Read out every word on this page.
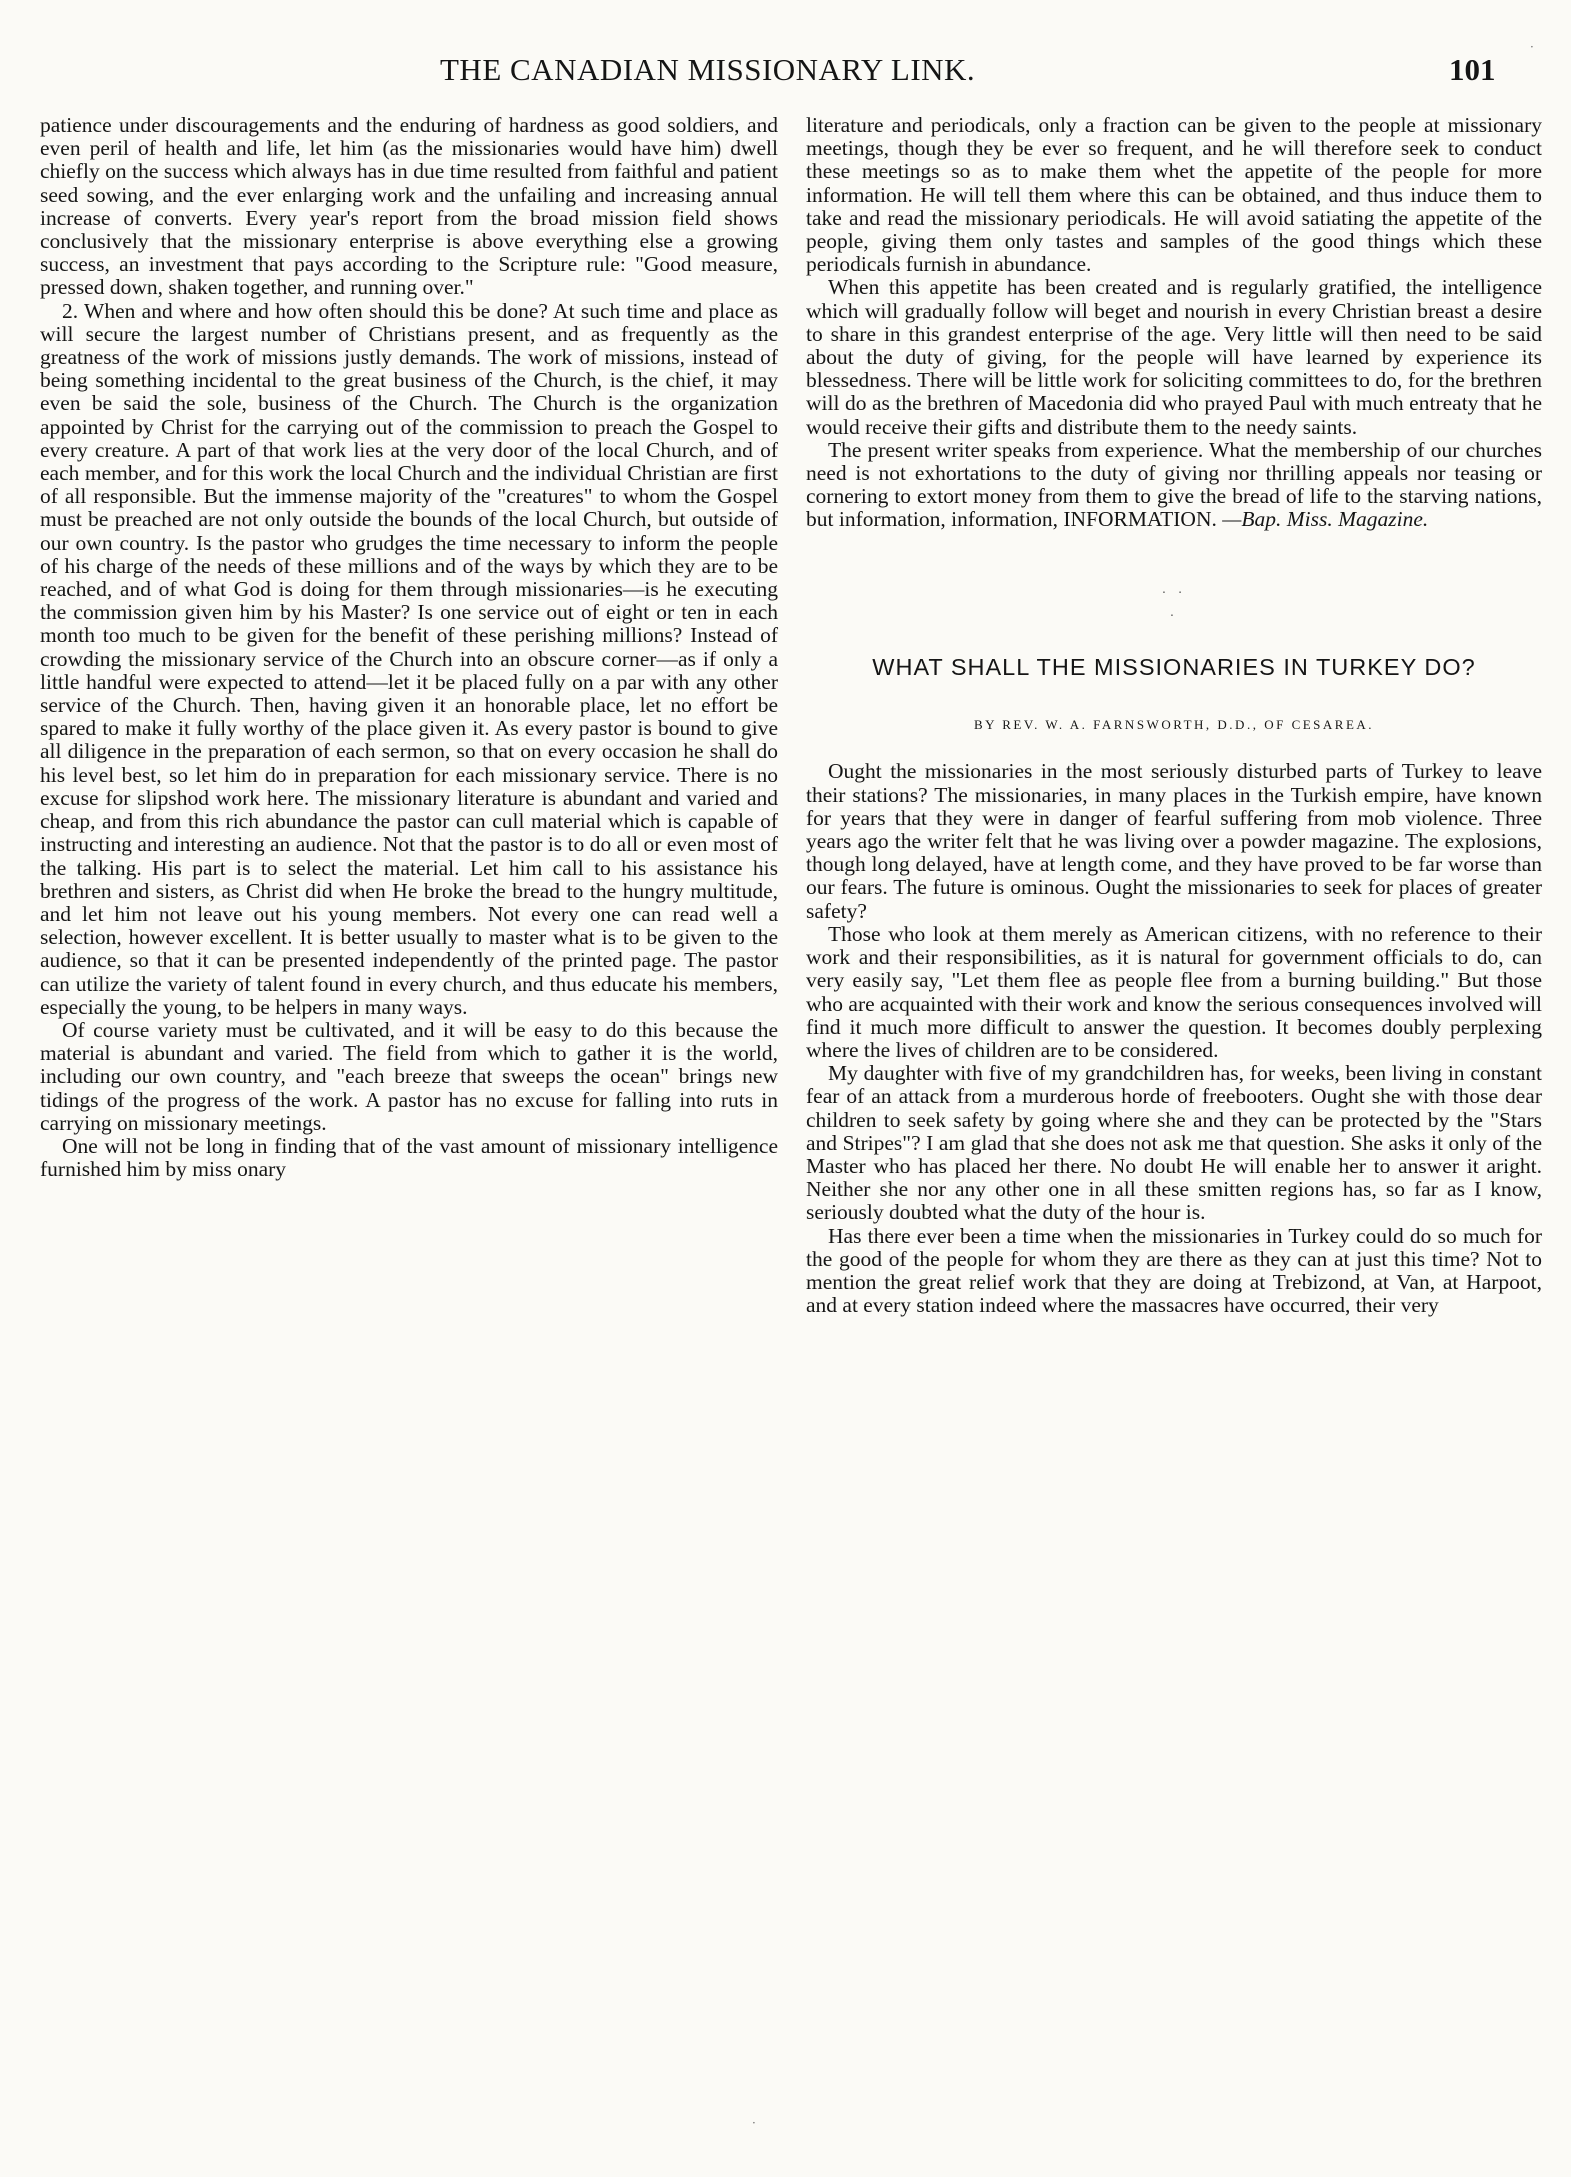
THE CANADIAN MISSIONARY LINK.	101

patience under discouragements and the enduring of hardness as good soldiers, and even peril of health and life, let him (as the missionaries would have him) dwell chiefly on the success which always has in due time resulted from faithful and patient seed sowing, and the ever enlarging work and the unfailing and increasing annual increase of converts. Every year's report from the broad mission field shows conclusively that the missionary enterprise is above everything else a growing success, an investment that pays according to the Scripture rule: "Good measure, pressed down, shaken together, and running over."

2. When and where and how often should this be done? At such time and place as will secure the largest number of Christians present, and as frequently as the greatness of the work of missions justly demands. The work of missions, instead of being something incidental to the great business of the Church, is the chief, it may even be said the sole, business of the Church. The Church is the organization appointed by Christ for the carrying out of the commission to preach the Gospel to every creature. A part of that work lies at the very door of the local Church, and of each member, and for this work the local Church and the individual Christian are first of all responsible. But the immense majority of the "creatures" to whom the Gospel must be preached are not only outside the bounds of the local Church, but outside of our own country. Is the pastor who grudges the time necessary to inform the people of his charge of the needs of these millions and of the ways by which they are to be reached, and of what God is doing for them through missionaries—is he executing the commission given him by his Master? Is one service out of eight or ten in each month too much to be given for the benefit of these perishing millions? Instead of crowding the missionary service of the Church into an obscure corner—as if only a little handful were expected to attend—let it be placed fully on a par with any other service of the Church. Then, having given it an honorable place, let no effort be spared to make it fully worthy of the place given it. As every pastor is bound to give all diligence in the preparation of each sermon, so that on every occasion he shall do his level best, so let him do in preparation for each missionary service. There is no excuse for slipshod work here. The missionary literature is abundant and varied and cheap, and from this rich abundance the pastor can cull material which is capable of instructing and interesting an audience. Not that the pastor is to do all or even most of the talking. His part is to select the material. Let him call to his assistance his brethren and sisters, as Christ did when He broke the bread to the hungry multitude, and let him not leave out his young members. Not every one can read well a selection, however excellent. It is better usually to master what is to be given to the audience, so that it can be presented independently of the printed page. The pastor can utilize the variety of talent found in every church, and thus educate his members, especially the young, to be helpers in many ways.

Of course variety must be cultivated, and it will be easy to do this because the material is abundant and varied. The field from which to gather it is the world, including our own country, and "each breeze that sweeps the ocean" brings new tidings of the progress of the work. A pastor has no excuse for falling into ruts in carrying on missionary meetings.

One will not be long in finding that of the vast amount of missionary intelligence furnished him by miss onary

literature and periodicals, only a fraction can be given to the people at missionary meetings, though they be ever so frequent, and he will therefore seek to conduct these meetings so as to make them whet the appetite of the people for more information. He will tell them where this can be obtained, and thus induce them to take and read the missionary periodicals. He will avoid satiating the appetite of the people, giving them only tastes and samples of the good things which these periodicals furnish in abundance.

When this appetite has been created and is regularly gratified, the intelligence which will gradually follow will beget and nourish in every Christian breast a desire to share in this grandest enterprise of the age. Very little will then need to be said about the duty of giving, for the people will have learned by experience its blessedness. There will be little work for soliciting committees to do, for the brethren will do as the brethren of Macedonia did who prayed Paul with much entreaty that he would receive their gifts and distribute them to the needy saints.

The present writer speaks from experience. What the membership of our churches need is not exhortations to the duty of giving nor thrilling appeals nor teasing or cornering to extort money from them to give the bread of life to the starving nations, but information, information, INFORMATION. —Bap. Miss. Magazine.

· · ·
WHAT SHALL THE MISSIONARIES IN TURKEY DO?
BY REV. W. A. FARNSWORTH, D.D., OF CESAREA.

Ought the missionaries in the most seriously disturbed parts of Turkey to leave their stations? The missionaries, in many places in the Turkish empire, have known for years that they were in danger of fearful suffering from mob violence. Three years ago the writer felt that he was living over a powder magazine. The explosions, though long delayed, have at length come, and they have proved to be far worse than our fears. The future is ominous. Ought the missionaries to seek for places of greater safety?

Those who look at them merely as American citizens, with no reference to their work and their responsibilities, as it is natural for government officials to do, can very easily say, "Let them flee as people flee from a burning building." But those who are acquainted with their work and know the serious consequences involved will find it much more difficult to answer the question. It becomes doubly perplexing where the lives of children are to be considered.

My daughter with five of my grandchildren has, for weeks, been living in constant fear of an attack from a murderous horde of freebooters. Ought she with those dear children to seek safety by going where she and they can be protected by the "Stars and Stripes"? I am glad that she does not ask me that question. She asks it only of the Master who has placed her there. No doubt He will enable her to answer it aright. Neither she nor any other one in all these smitten regions has, so far as I know, seriously doubted what the duty of the hour is.

Has there ever been a time when the missionaries in Turkey could do so much for the good of the people for whom they are there as they can at just this time? Not to mention the great relief work that they are doing at Trebizond, at Van, at Harpoot, and at every station indeed where the massacres have occurred, their very

·
·
